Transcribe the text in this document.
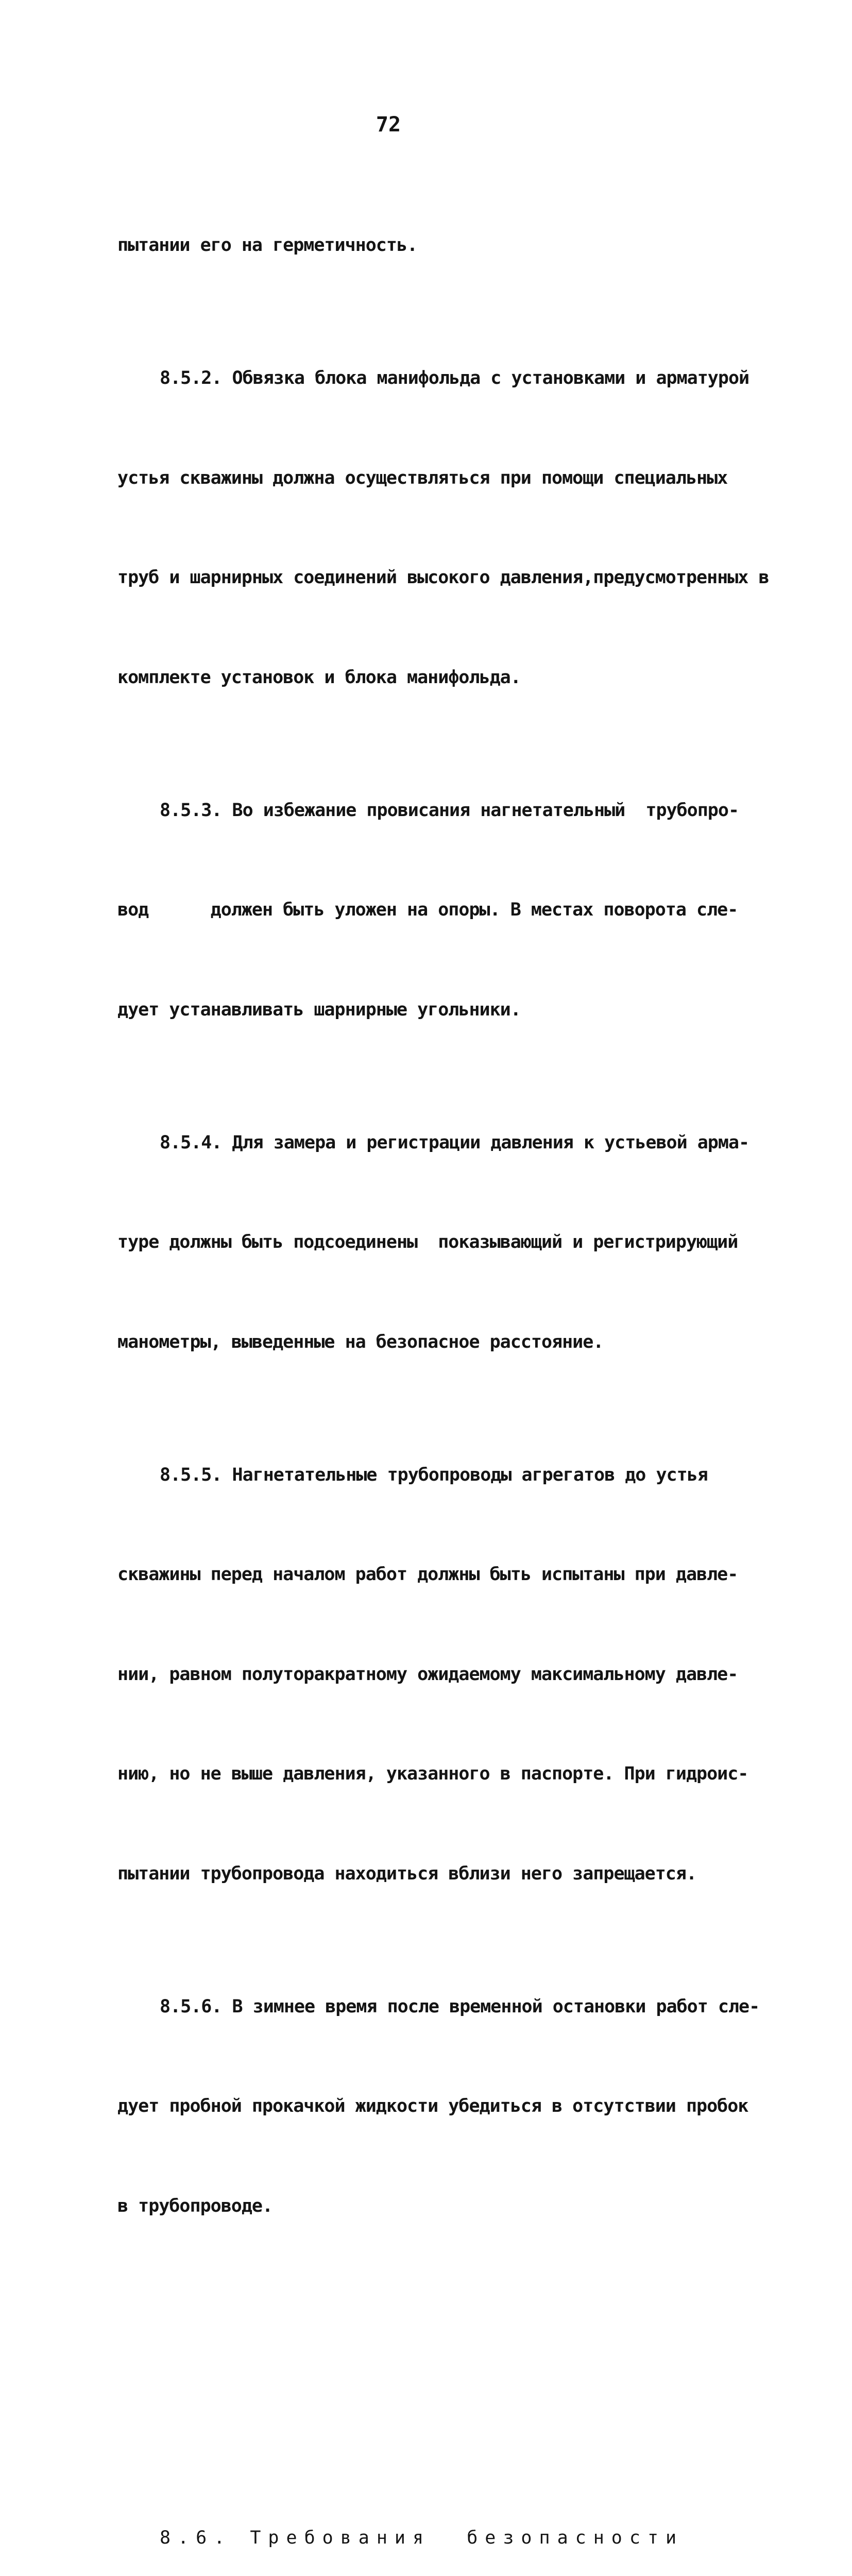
72

пытании его на герметичность.

8.5.2. Обвязка блока манифольда с установками и арматурой

устья скважины должна осуществляться при помощи специальных

труб и шарнирных соединений высокого давления,предусмотренных в

комплекте установок и блока манифольда.

8.5.3. Во избежание провисания нагнетательный  трубопро-

вод      должен быть уложен на опоры. В местах поворота сле-

дует устанавливать шарнирные угольники.

8.5.4. Для замера и регистрации давления к устьевой арма-

туре должны быть подсоединены  показывающий и регистрирующий

манометры, выведенные на безопасное расстояние.

8.5.5. Нагнетательные трубопроводы агрегатов до устья

скважины перед началом работ должны быть испытаны при давле-

нии, равном полуторакратному ожидаемому максимальному давле-

нию, но не выше давления, указанного в паспорте. При гидроис-

пытании трубопровода находиться вблизи него запрещается.

8.5.6. В зимнее время после временной остановки работ сле-

дует пробной прокачкой жидкости убедиться в отсутствии пробок

в трубопроводе.

8.6. Требования  безопасности
